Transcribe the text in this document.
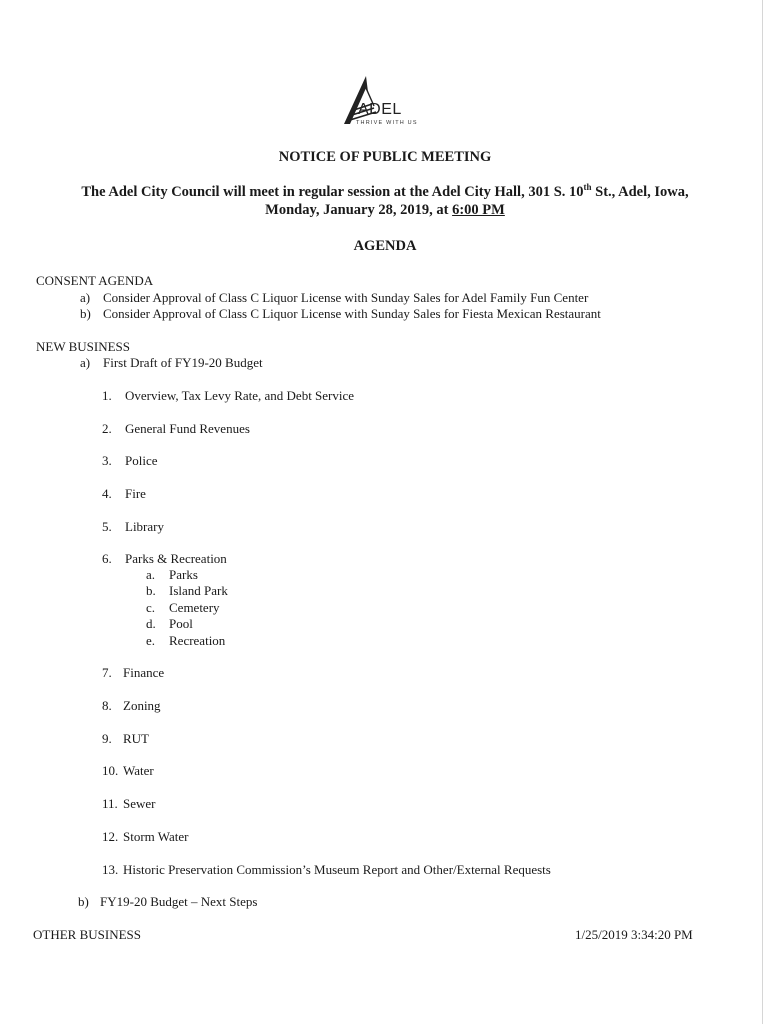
ADEL
THRIVE WITH US
NOTICE OF PUBLIC MEETING
The Adel City Council will meet in regular session at the Adel City Hall, 301 S. 10th St., Adel, Iowa,
Monday, January 28, 2019, at 6:00 PM
AGENDA
CONSENT AGENDA
a) Consider Approval of Class C Liquor License with Sunday Sales for Adel Family Fun Center
b) Consider Approval of Class C Liquor License with Sunday Sales for Fiesta Mexican Restaurant
NEW BUSINESS
a) First Draft of FY19-20 Budget
1. Overview, Tax Levy Rate, and Debt Service
2. General Fund Revenues
3. Police
4. Fire
5. Library
6. Parks & Recreation
a. Parks
b. Island Park
c. Cemetery
d. Pool
e. Recreation
7. Finance
8. Zoning
9. RUT
10. Water
11. Sewer
12. Storm Water
13. Historic Preservation Commission’s Museum Report and Other/External Requests
b) FY19-20 Budget – Next Steps
OTHER BUSINESS	1/25/2019 3:34:20 PM
